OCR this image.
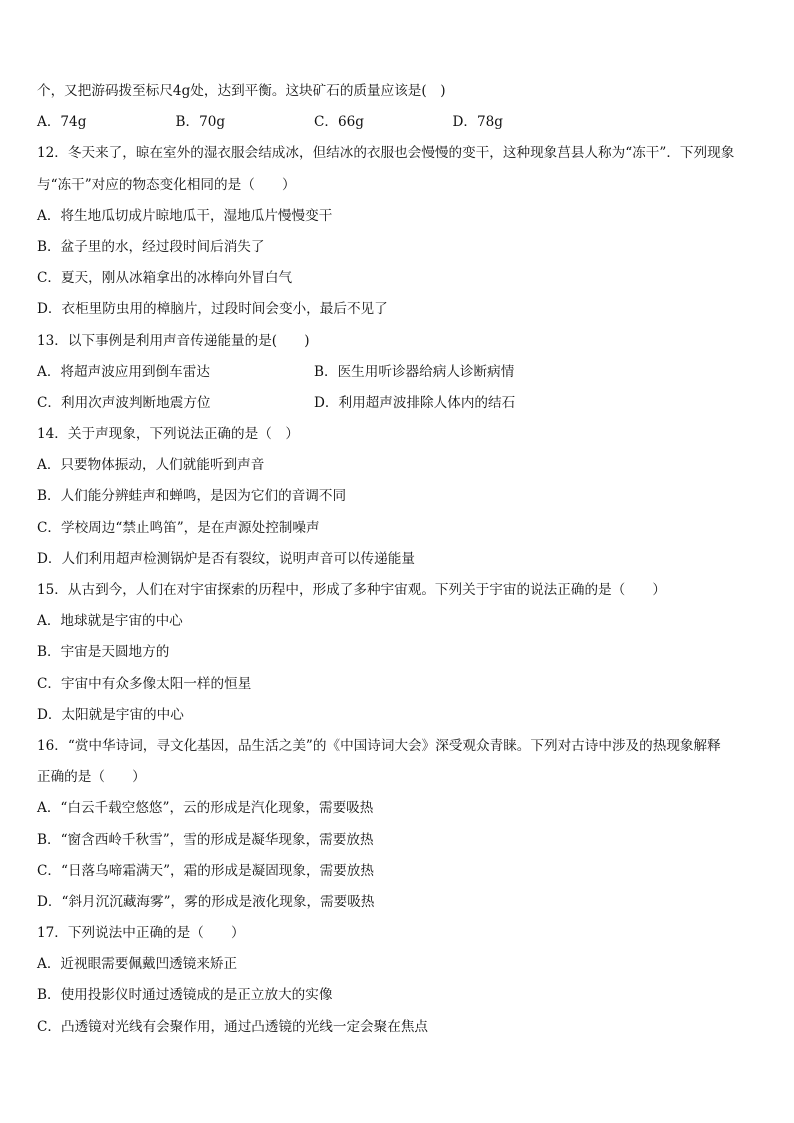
个，又把游码拨至标尺4g处，达到平衡。这块矿石的质量应该是(　)
A．74g	B．70g	C．66g	D．78g
12．冬天来了，晾在室外的湿衣服会结成冰，但结冰的衣服也会慢慢的变干，这种现象莒县人称为“冻干”．下列现象
与“冻干”对应的物态变化相同的是（　　）
A．将生地瓜切成片晾地瓜干，湿地瓜片慢慢变干
B．盆子里的水，经过段时间后消失了
C．夏天，刚从冰箱拿出的冰棒向外冒白气
D．衣柜里防虫用的樟脑片，过段时间会变小，最后不见了
13．以下事例是利用声音传递能量的是(　　)
A．将超声波应用到倒车雷达	B．医生用听诊器给病人诊断病情
C．利用次声波判断地震方位	D．利用超声波排除人体内的结石
14．关于声现象，下列说法正确的是（　）
A．只要物体振动，人们就能听到声音
B．人们能分辨蛙声和蝉鸣，是因为它们的音调不同
C．学校周边“禁止鸣笛”，是在声源处控制噪声
D．人们利用超声检测锅炉是否有裂纹，说明声音可以传递能量
15．从古到今，人们在对宇宙探索的历程中，形成了多种宇宙观。下列关于宇宙的说法正确的是（　　）
A．地球就是宇宙的中心
B．宇宙是天圆地方的
C．宇宙中有众多像太阳一样的恒星
D．太阳就是宇宙的中心
16．“赏中华诗词，寻文化基因，品生活之美”的《中国诗词大会》深受观众青睐。下列对古诗中涉及的热现象解释
正确的是（　　）
A．“白云千载空悠悠”，云的形成是汽化现象，需要吸热
B．“窗含西岭千秋雪”，雪的形成是凝华现象，需要放热
C．“日落乌啼霜满天”，霜的形成是凝固现象，需要放热
D．“斜月沉沉藏海雾”，雾的形成是液化现象，需要吸热
17．下列说法中正确的是（　　）
A．近视眼需要佩戴凹透镜来矫正
B．使用投影仪时通过透镜成的是正立放大的实像
C．凸透镜对光线有会聚作用，通过凸透镜的光线一定会聚在焦点
